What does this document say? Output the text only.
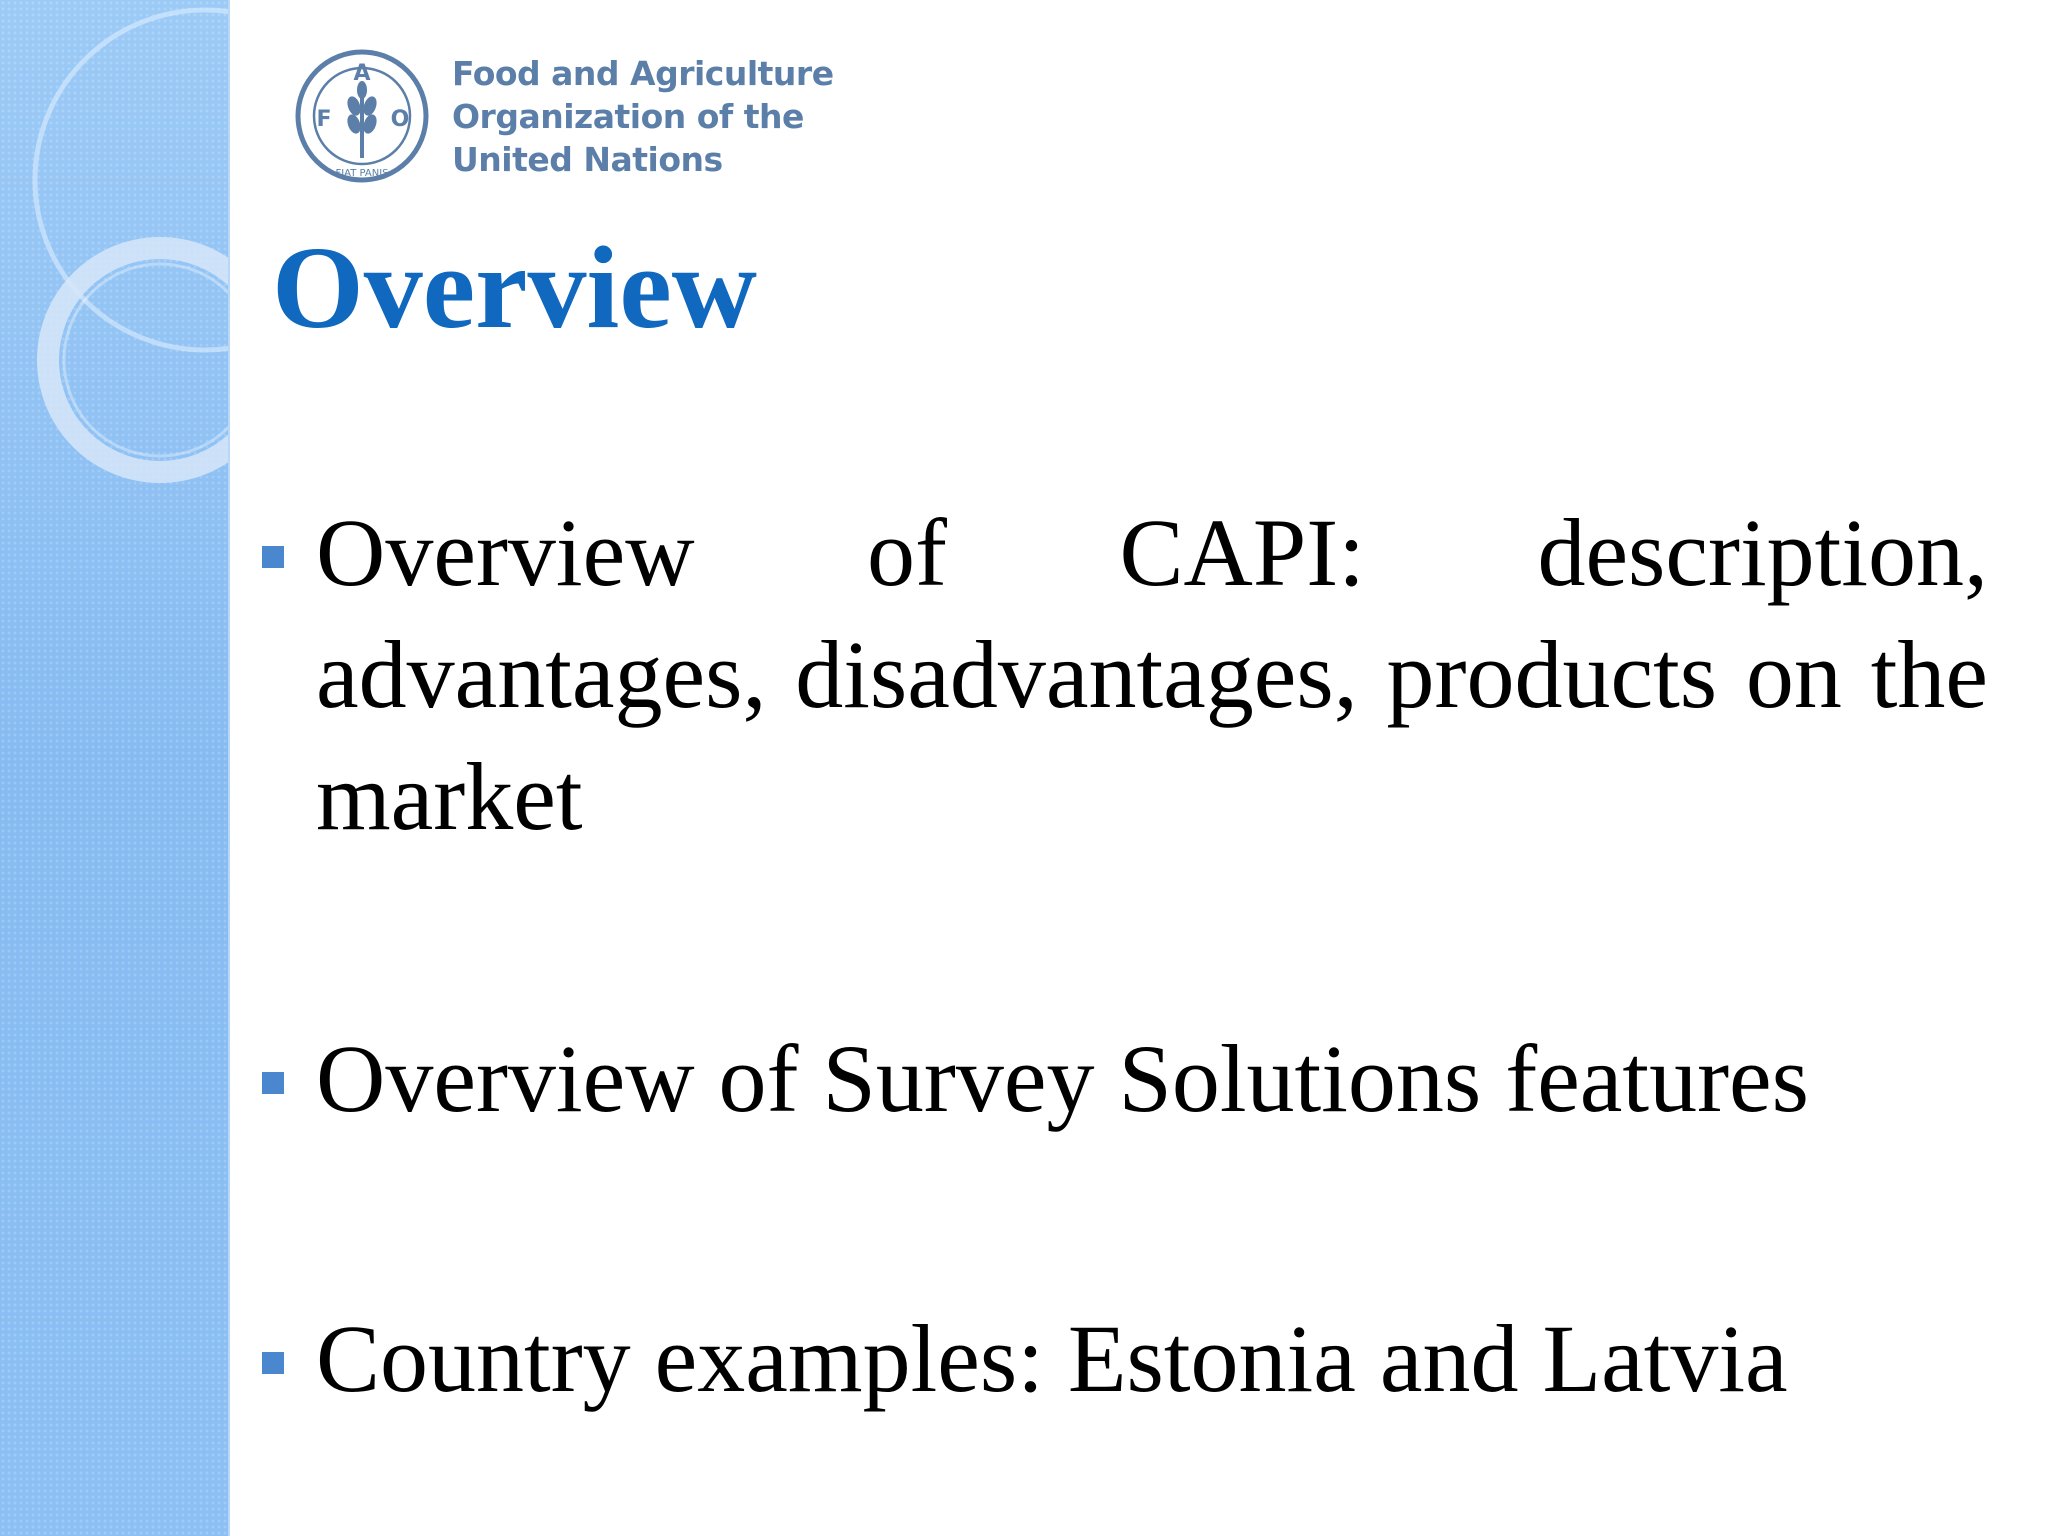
F
A
O
FIAT PANIS
Food and Agriculture
Organization of the
United Nations
Overview
Overview of CAPI: description, advantages, disadvantages, products on the market
Overview of Survey Solutions features
Country examples: Estonia and Latvia
